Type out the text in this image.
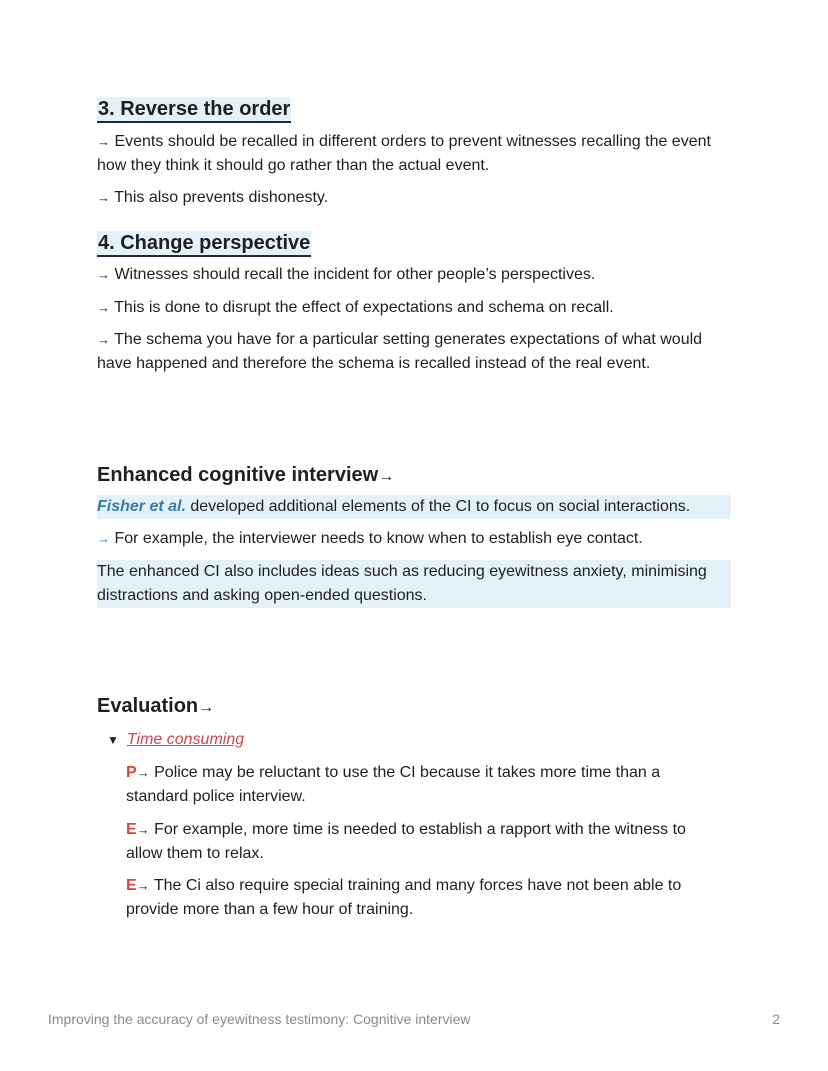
3. Reverse the order

→ Events should be recalled in different orders to prevent witnesses recalling the event how they think it should go rather than the actual event.

→ This also prevents dishonesty.

4. Change perspective

→ Witnesses should recall the incident for other people’s perspectives.

→ This is done to disrupt the effect of expectations and schema on recall.

→ The schema you have for a particular setting generates expectations of what would have happened and therefore the schema is recalled instead of the real event.

Enhanced cognitive interview→

Fisher et al. developed additional elements of the CI to focus on social interactions.

→ For example, the interviewer needs to know when to establish eye contact.

The enhanced CI also includes ideas such as reducing eyewitness anxiety, minimising distractions and asking open-ended questions.

Evaluation→
▼ Time consuming

P→ Police may be reluctant to use the CI because it takes more time than a standard police interview.

E→ For example, more time is needed to establish a rapport with the witness to allow them to relax.

E→ The Ci also require special training and many forces have not been able to provide more than a few hour of training.

Improving the accuracy of eyewitness testimony: Cognitive interview	2
